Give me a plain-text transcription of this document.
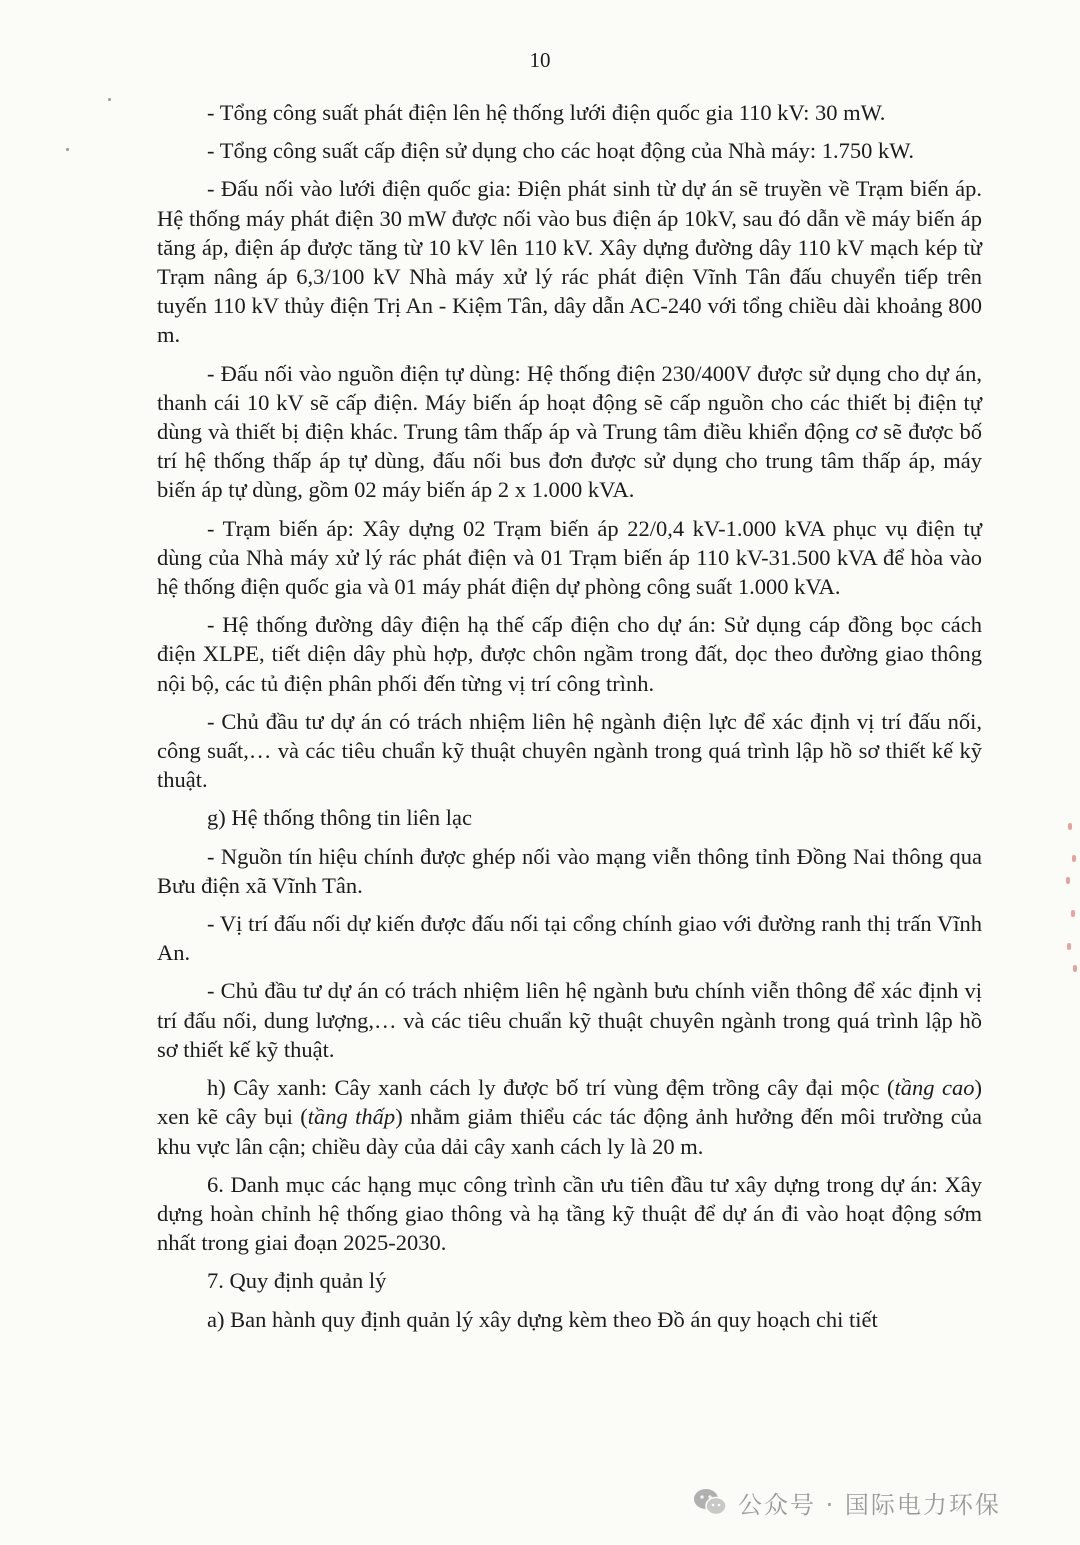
10

- Tổng công suất phát điện lên hệ thống lưới điện quốc gia 110 kV: 30 mW.

- Tổng công suất cấp điện sử dụng cho các hoạt động của Nhà máy: 1.750 kW.

- Đấu nối vào lưới điện quốc gia: Điện phát sinh từ dự án sẽ truyền về Trạm biến áp. Hệ thống máy phát điện 30 mW được nối vào bus điện áp 10kV, sau đó dẫn về máy biến áp tăng áp, điện áp được tăng từ 10 kV lên 110 kV. Xây dựng đường dây 110 kV mạch kép từ Trạm nâng áp 6,3/100 kV Nhà máy xử lý rác phát điện Vĩnh Tân đấu chuyển tiếp trên tuyến 110 kV thủy điện Trị An - Kiệm Tân, dây dẫn AC-240 với tổng chiều dài khoảng 800 m.

- Đấu nối vào nguồn điện tự dùng: Hệ thống điện 230/400V được sử dụng cho dự án, thanh cái 10 kV sẽ cấp điện. Máy biến áp hoạt động sẽ cấp nguồn cho các thiết bị điện tự dùng và thiết bị điện khác. Trung tâm thấp áp và Trung tâm điều khiển động cơ sẽ được bố trí hệ thống thấp áp tự dùng, đấu nối bus đơn được sử dụng cho trung tâm thấp áp, máy biến áp tự dùng, gồm 02 máy biến áp 2 x 1.000 kVA.

- Trạm biến áp: Xây dựng 02 Trạm biến áp 22/0,4 kV-1.000 kVA phục vụ điện tự dùng của Nhà máy xử lý rác phát điện và 01 Trạm biến áp 110 kV-31.500 kVA để hòa vào hệ thống điện quốc gia và 01 máy phát điện dự phòng công suất 1.000 kVA.

- Hệ thống đường dây điện hạ thế cấp điện cho dự án: Sử dụng cáp đồng bọc cách điện XLPE, tiết diện dây phù hợp, được chôn ngầm trong đất, dọc theo đường giao thông nội bộ, các tủ điện phân phối đến từng vị trí công trình.

- Chủ đầu tư dự án có trách nhiệm liên hệ ngành điện lực để xác định vị trí đấu nối, công suất,… và các tiêu chuẩn kỹ thuật chuyên ngành trong quá trình lập hồ sơ thiết kế kỹ thuật.

g) Hệ thống thông tin liên lạc

- Nguồn tín hiệu chính được ghép nối vào mạng viễn thông tỉnh Đồng Nai thông qua Bưu điện xã Vĩnh Tân.

- Vị trí đấu nối dự kiến được đấu nối tại cổng chính giao với đường ranh thị trấn Vĩnh An.

- Chủ đầu tư dự án có trách nhiệm liên hệ ngành bưu chính viễn thông để xác định vị trí đấu nối, dung lượng,… và các tiêu chuẩn kỹ thuật chuyên ngành trong quá trình lập hồ sơ thiết kế kỹ thuật.

h) Cây xanh: Cây xanh cách ly được bố trí vùng đệm trồng cây đại mộc (tầng cao) xen kẽ cây bụi (tầng thấp) nhằm giảm thiểu các tác động ảnh hưởng đến môi trường của khu vực lân cận; chiều dày của dải cây xanh cách ly là 20 m.

6. Danh mục các hạng mục công trình cần ưu tiên đầu tư xây dựng trong dự án: Xây dựng hoàn chỉnh hệ thống giao thông và hạ tầng kỹ thuật để dự án đi vào hoạt động sớm nhất trong giai đoạn 2025-2030.

7. Quy định quản lý

a) Ban hành quy định quản lý xây dựng kèm theo Đồ án quy hoạch chi tiết

公众号 · 国际电力环保
